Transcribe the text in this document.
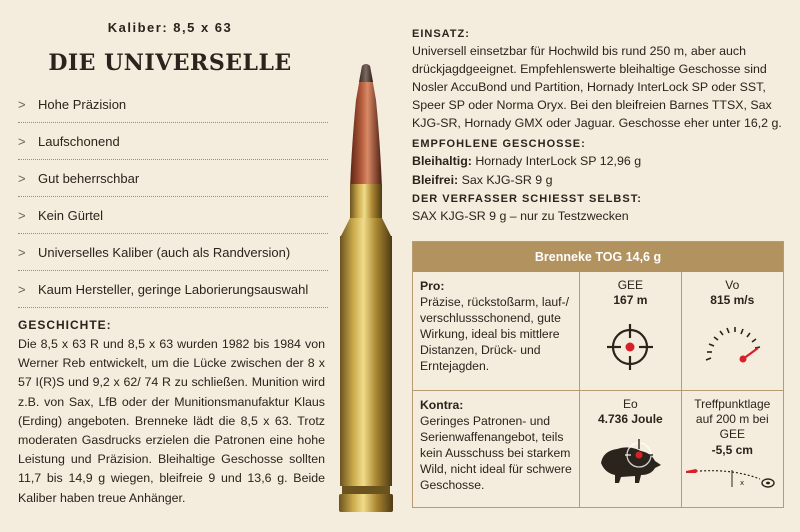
Kaliber: 8,5 x 63
DIE UNIVERSELLE
> Hohe Präzision
> Laufschonend
> Gut beherrschbar
> Kein Gürtel
> Universelles Kaliber (auch als Randversion)
> Kaum Hersteller, geringe Laborierungsauswahl
GESCHICHTE:
Die 8,5 x 63 R und 8,5 x 63 wurden 1982 bis 1984 von Werner Reb entwickelt, um die Lücke zwischen der 8 x 57 I(R)S und 9,2 x 62/ 74 R zu schließen. Munition wird z.B. von Sax, LfB oder der Munitionsmanufaktur Klaus (Erding) angeboten. Brenneke lädt die 8,5 x 63. Trotz moderaten Gasdrucks erzielen die Patronen eine hohe Leistung und Präzision. Bleihaltige Geschosse sollten 11,7 bis 14,9 g wiegen, bleifreie 9 und 13,6 g. Beide Kaliber haben treue Anhänger.
EINSATZ:
Universell einsetzbar für Hochwild bis rund 250 m, aber auch drückjagdgeeignet. Empfehlenswerte bleihaltige Geschosse sind Nosler AccuBond und Partition, Hornady InterLock SP oder SST, Speer SP oder Norma Oryx. Bei den bleifreien Barnes TTSX, Sax KJG-SR, Hornady GMX oder Jaguar. Geschosse eher unter 16,2 g.
EMPFOHLENE GESCHOSSE:
Bleihaltig: Hornady InterLock SP 12,96 g
Bleifrei: Sax KJG-SR 9 g
DER VERFASSER SCHIESST SELBST:
SAX KJG-SR 9 g – nur zu Testzwecken
Brenneke TOG 14,6 g
Pro:
Präzise, rückstoßarm, lauf-/ verschlussschonend, gute Wirkung, ideal bis mittlere Distanzen, Drück- und Erntejagden.
GEE
167 m
Vo
815 m/s
Kontra:
Geringes Patronen- und Serienwaffenangebot, teils kein Ausschuss bei starkem Wild, nicht ideal für schwere Geschosse.
Eo
4.736 Joule
Treffpunktlage auf 200 m bei GEE
-5,5 cm
x
